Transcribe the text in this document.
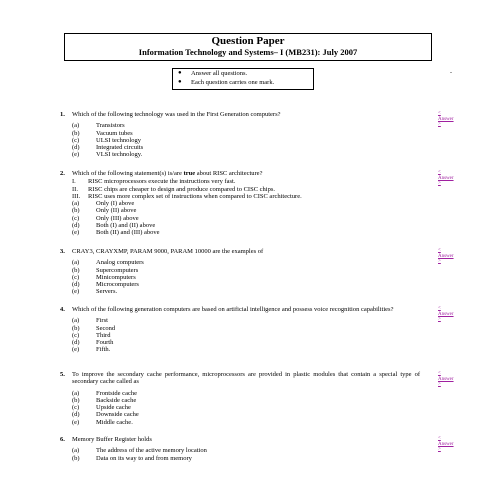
Question Paper
Information Technology and Systems– I (MB231): July 2007
● Answer all questions.
● Each question carries one mark.
-
1. Which of the following technology was used in the First Generation computers?
(a)	Transistors
(b)	Vacuum tubes
(c)	ULSI technology
(d)	Integrated circuits
(e)	VLSI technology.
<
Answer
>
2. Which of the following statement(s) is/are true about RISC architecture?
I. RISC microprocessors execute the instructions very fast.
II. RISC chips are cheaper to design and produce compared to CISC chips.
III. RISC uses more complex set of instructions when compared to CISC architecture.
(a)	Only (I) above
(b)	Only (II) above
(c)	Only (III) above
(d)	Both (I) and (II) above
(e)	Both (II) and (III) above
<
Answer
>
3. CRAY3, CRAYXMP, PARAM 9000, PARAM 10000 are the examples of
(a)	Analog computers
(b)	Supercomputers
(c)	Minicomputers
(d)	Microcomputers
(e)	Servers.
<
Answer
>
4. Which of the following generation computers are based on artificial intelligence and possess voice recognition capabilities?
(a)	First
(b)	Second
(c)	Third
(d)	Fourth
(e)	Fifth.
<
Answer
>
5. To improve the secondary cache performance, microprocessors are provided in plastic modules that contain a special type of secondary cache called as
(a)	Frontside cache
(b)	Backside cache
(c)	Upside cache
(d)	Downside cache
(e)	Middle cache.
<
Answer
>
6. Memory Buffer Register holds
(a)	The address of the active memory location
(b)	Data on its way to and from memory
<
Answer
>
